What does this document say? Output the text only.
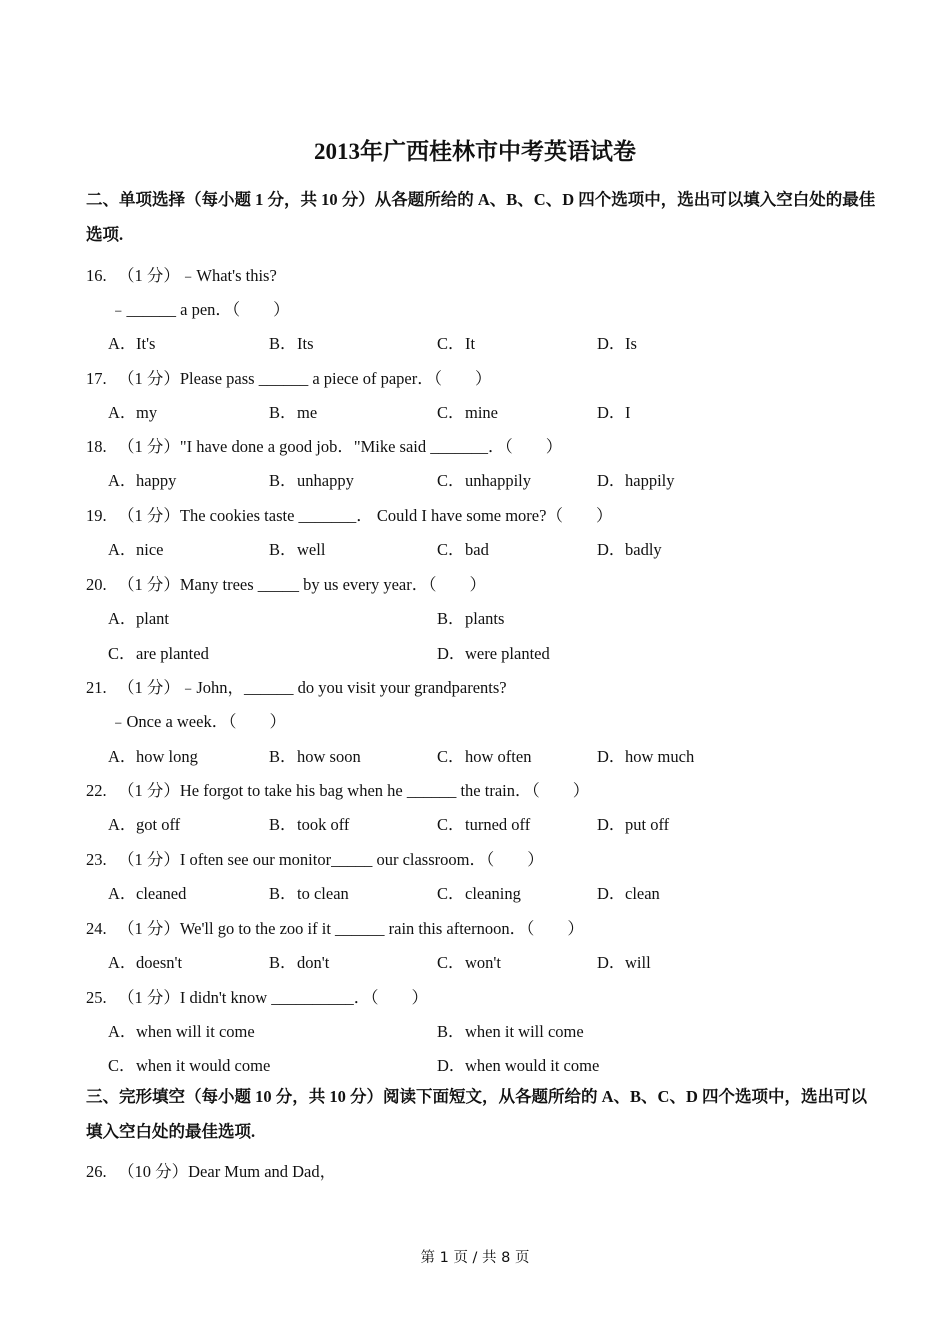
2013年广西桂林市中考英语试卷
二、单项选择（每小题 1 分，共 10 分）从各题所给的 A、B、C、D 四个选项中，选出可以填入空白处的最佳选项.
16. （1 分）﹣What's this?
﹣______ a pen．（　　）
A．It's	B．Its	C．It	D．Is
17. （1 分）Please pass ______ a piece of paper．（　　）
A．my	B．me	C．mine	D．I
18. （1 分）"I have done a good job．"Mike said _______．（　　）
A．happy	B．unhappy	C．unhappily	D．happily
19. （1 分）The cookies taste _______． Could I have some more?（　　）
A．nice	B．well	C．bad	D．badly
20. （1 分）Many trees _____ by us every year．（　　）
A．plant	B．plants
C．are planted	D．were planted
21. （1 分）﹣John，______ do you visit your grandparents?
﹣Once a week．（　　）
A．how long	B．how soon	C．how often	D．how much
22. （1 分）He forgot to take his bag when he ______ the train．（　　）
A．got off	B．took off	C．turned off	D．put off
23. （1 分）I often see our monitor_____ our classroom．（　　）
A．cleaned	B．to clean	C．cleaning	D．clean
24. （1 分）We'll go to the zoo if it ______ rain this afternoon．（　　）
A．doesn't	B．don't	C．won't	D．will
25. （1 分）I didn't know __________．（　　）
A．when will it come	B．when it will come
C．when it would come	D．when would it come
三、完形填空（每小题 10 分，共 10 分）阅读下面短文，从各题所给的 A、B、C、D 四个选项中，选出可以填入空白处的最佳选项.
26. （10 分）Dear Mum and Dad，
第 1 页 / 共 8 页
